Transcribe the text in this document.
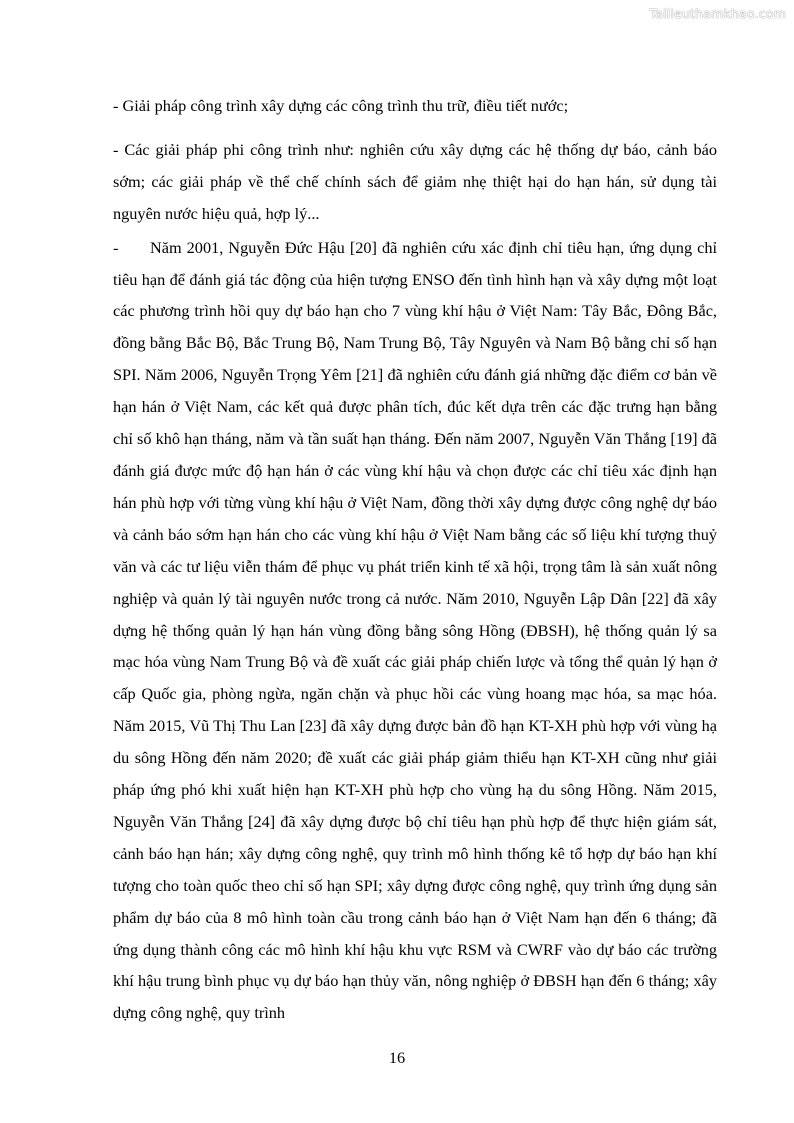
Tailieuthamkhao.com

- Giải pháp công trình xây dựng các công trình thu trữ, điều tiết nước;

- Các giải pháp phi công trình như: nghiên cứu xây dựng các hệ thống dự báo, cảnh báo sớm; các giải pháp về thể chế chính sách để giảm nhẹ thiệt hại do hạn hán, sử dụng tài nguyên nước hiệu quả, hợp lý...

- Năm 2001, Nguyễn Đức Hậu [20] đã nghiên cứu xác định chỉ tiêu hạn, ứng dụng chỉ tiêu hạn để đánh giá tác động của hiện tượng ENSO đến tình hình hạn và xây dựng một loạt các phương trình hồi quy dự báo hạn cho 7 vùng khí hậu ở Việt Nam: Tây Bắc, Đông Bắc, đồng bằng Bắc Bộ, Bắc Trung Bộ, Nam Trung Bộ, Tây Nguyên và Nam Bộ bằng chỉ số hạn SPI. Năm 2006, Nguyễn Trọng Yêm [21] đã nghiên cứu đánh giá những đặc điểm cơ bản về hạn hán ở Việt Nam, các kết quả được phân tích, đúc kết dựa trên các đặc trưng hạn bằng chỉ số khô hạn tháng, năm và tần suất hạn tháng. Đến năm 2007, Nguyễn Văn Thắng [19] đã đánh giá được mức độ hạn hán ở các vùng khí hậu và chọn được các chỉ tiêu xác định hạn hán phù hợp với từng vùng khí hậu ở Việt Nam, đồng thời xây dựng được công nghệ dự báo và cảnh báo sớm hạn hán cho các vùng khí hậu ở Việt Nam bằng các số liệu khí tượng thuỷ văn và các tư liệu viễn thám để phục vụ phát triển kinh tế xã hội, trọng tâm là sản xuất nông nghiệp và quản lý tài nguyên nước trong cả nước. Năm 2010, Nguyễn Lập Dân [22] đã xây dựng hệ thống quản lý hạn hán vùng đồng bằng sông Hồng (ĐBSH), hệ thống quản lý sa mạc hóa vùng Nam Trung Bộ và đề xuất các giải pháp chiến lược và tổng thể quản lý hạn ở cấp Quốc gia, phòng ngừa, ngăn chặn và phục hồi các vùng hoang mạc hóa, sa mạc hóa. Năm 2015, Vũ Thị Thu Lan [23] đã xây dựng được bản đồ hạn KT-XH phù hợp với vùng hạ du sông Hồng đến năm 2020; đề xuất các giải pháp giảm thiểu hạn KT-XH cũng như giải pháp ứng phó khi xuất hiện hạn KT-XH phù hợp cho vùng hạ du sông Hồng. Năm 2015, Nguyễn Văn Thắng [24] đã xây dựng được bộ chỉ tiêu hạn phù hợp để thực hiện giám sát, cảnh báo hạn hán; xây dựng công nghệ, quy trình mô hình thống kê tổ hợp dự báo hạn khí tượng cho toàn quốc theo chỉ số hạn SPI; xây dựng được công nghệ, quy trình ứng dụng sản phẩm dự báo của 8 mô hình toàn cầu trong cảnh báo hạn ở Việt Nam hạn đến 6 tháng; đã ứng dụng thành công các mô hình khí hậu khu vực RSM và CWRF vào dự báo các trường khí hậu trung bình phục vụ dự báo hạn thủy văn, nông nghiệp ở ĐBSH hạn đến 6 tháng; xây dựng công nghệ, quy trình

16
